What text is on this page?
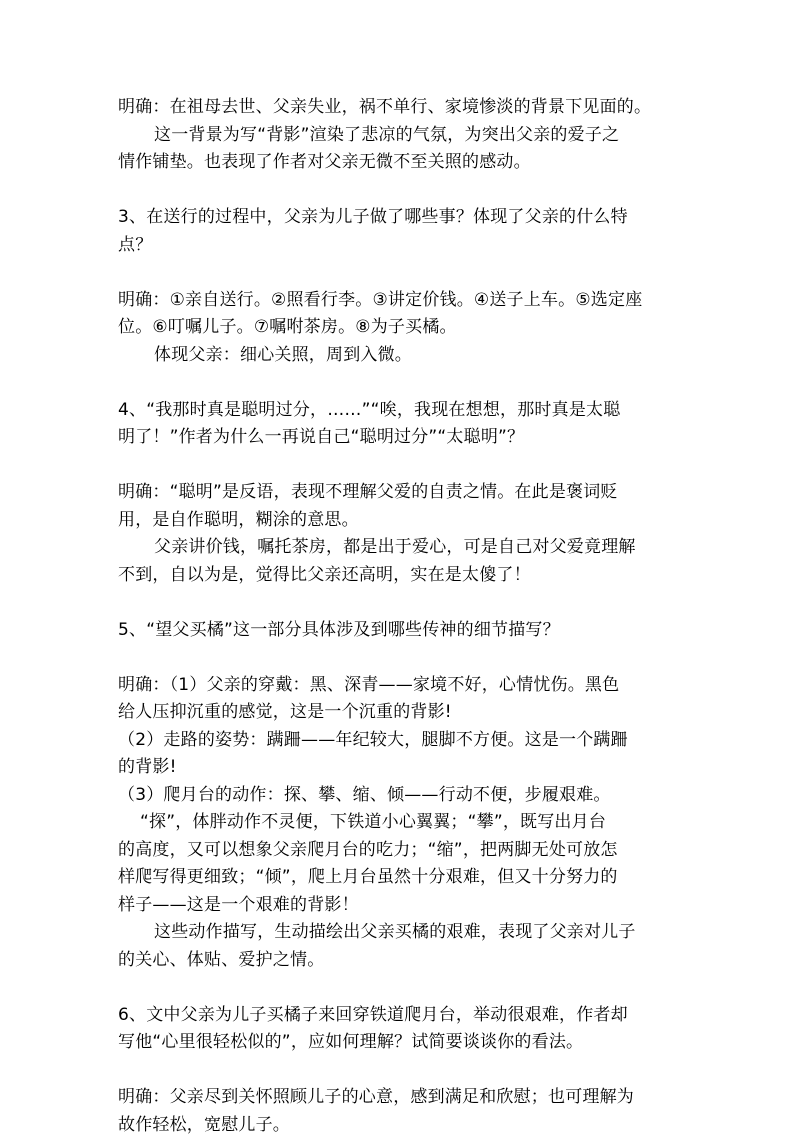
明确：在祖母去世、父亲失业，祸不单行、家境惨淡的背景下见面的。
这一背景为写“背影”渲染了悲凉的气氛，为突出父亲的爱子之
情作铺垫。也表现了作者对父亲无微不至关照的感动。
3、在送行的过程中，父亲为儿子做了哪些事？体现了父亲的什么特
点？
明确：①亲自送行。②照看行李。③讲定价钱。④送子上车。⑤选定座
位。⑥叮嘱儿子。⑦嘱咐茶房。⑧为子买橘。
体现父亲：细心关照，周到入微。
4、“我那时真是聪明过分，……”“唉，我现在想想，那时真是太聪
明了！”作者为什么一再说自己“聪明过分”“太聪明”？
明确：“聪明”是反语，表现不理解父爱的自责之情。在此是褒词贬
用，是自作聪明，糊涂的意思。
父亲讲价钱，嘱托茶房，都是出于爱心，可是自己对父爱竟理解
不到，自以为是，觉得比父亲还高明，实在是太傻了！
5、“望父买橘”这一部分具体涉及到哪些传神的细节描写？
明确：（1）父亲的穿戴：黑、深青——家境不好，心情忧伤。黑色
给人压抑沉重的感觉，这是一个沉重的背影!
（2）走路的姿势：蹒跚——年纪较大，腿脚不方便。这是一个蹒跚
的背影!
（3）爬月台的动作：探、攀、缩、倾——行动不便，步履艰难。
“探”，体胖动作不灵便，下铁道小心翼翼；“攀”，既写出月台
的高度，又可以想象父亲爬月台的吃力；“缩”，把两脚无处可放怎
样爬写得更细致；“倾”，爬上月台虽然十分艰难，但又十分努力的
样子——这是一个艰难的背影！
这些动作描写，生动描绘出父亲买橘的艰难，表现了父亲对儿子
的关心、体贴、爱护之情。
6、文中父亲为儿子买橘子来回穿铁道爬月台，举动很艰难，作者却
写他“心里很轻松似的”，应如何理解？试简要谈谈你的看法。
明确：父亲尽到关怀照顾儿子的心意，感到满足和欣慰；也可理解为
故作轻松，宽慰儿子。
